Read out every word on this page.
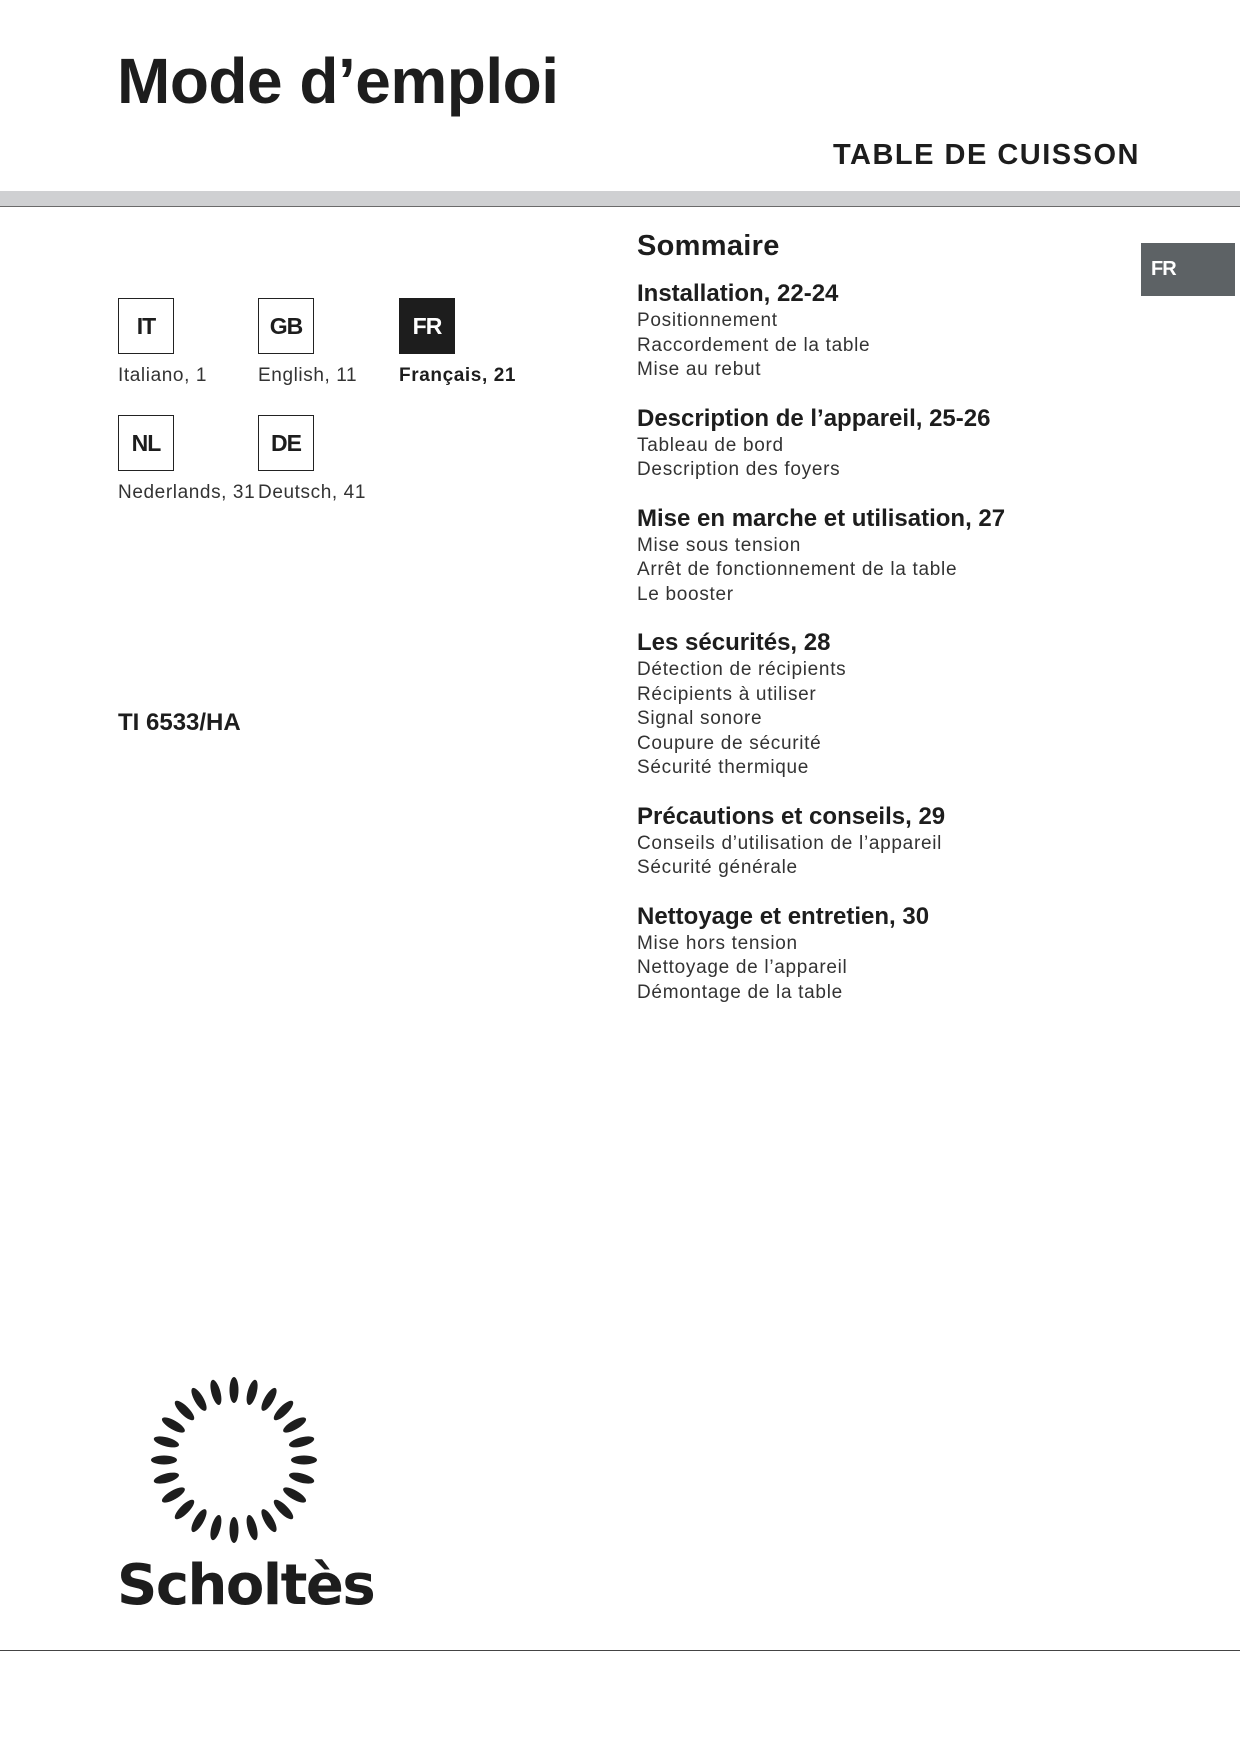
Mode d’emploi
TABLE DE CUISSON
FR
IT
Italiano, 1
GB
English, 11
FR
Français, 21
NL
Nederlands, 31
DE
Deutsch, 41
TI 6533/HA
Sommaire
Installation, 22-24
Positionnement
Raccordement de la table
Mise au rebut
Description de l’appareil, 25-26
Tableau de bord
Description des foyers
Mise en marche et utilisation, 27
Mise sous tension
Arrêt de fonctionnement de la table
Le booster
Les sécurités, 28
Détection de récipients
Récipients à utiliser
Signal sonore
Coupure de sécurité
Sécurité thermique
Précautions et conseils, 29
Conseils d’utilisation de l’appareil
Sécurité générale
Nettoyage et entretien, 30
Mise hors tension
Nettoyage de l’appareil
Démontage de la table
Scholtès
